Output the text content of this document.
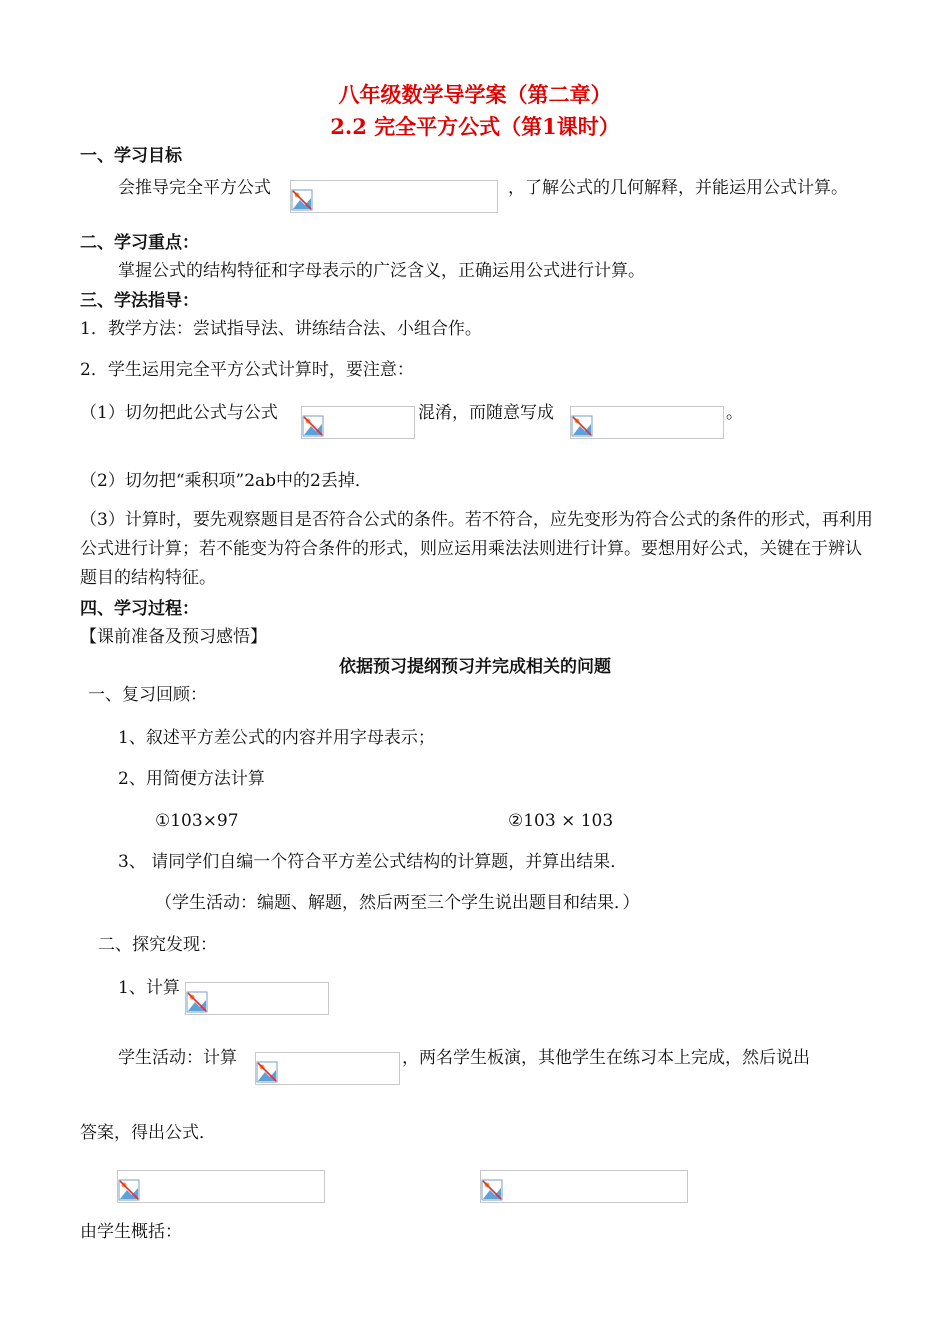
八年级数学导学案（第二章）
2.2 完全平方公式（第1课时）
一、学习目标
会推导完全平方公式	，了解公式的几何解释，并能运用公式计算。
二、学习重点：
掌握公式的结构特征和字母表示的广泛含义，正确运用公式进行计算。
三、学法指导：
1．教学方法：尝试指导法、讲练结合法、小组合作。
2．学生运用完全平方公式计算时，要注意：
（1）切勿把此公式与公式	混淆，而随意写成	。
（2）切勿把“乘积项”2ab中的2丢掉．
（3）计算时，要先观察题目是否符合公式的条件。若不符合，应先变形为符合公式的条件的形式，再利用公式进行计算；若不能变为符合条件的形式，则应运用乘法法则进行计算。要想用好公式，关键在于辨认题目的结构特征。
四、学习过程：
【课前准备及预习感悟】
依据预习提纲预习并完成相关的问题
一、复习回顾：
1、叙述平方差公式的内容并用字母表示；
2、用简便方法计算
①103×97	②103 × 103
3、 请同学们自编一个符合平方差公式结构的计算题，并算出结果．
（学生活动：编题、解题，然后两至三个学生说出题目和结果．）
二、探究发现：
1、计算
学生活动：计算	，两名学生板演，其他学生在练习本上完成，然后说出
答案，得出公式．
由学生概括：
